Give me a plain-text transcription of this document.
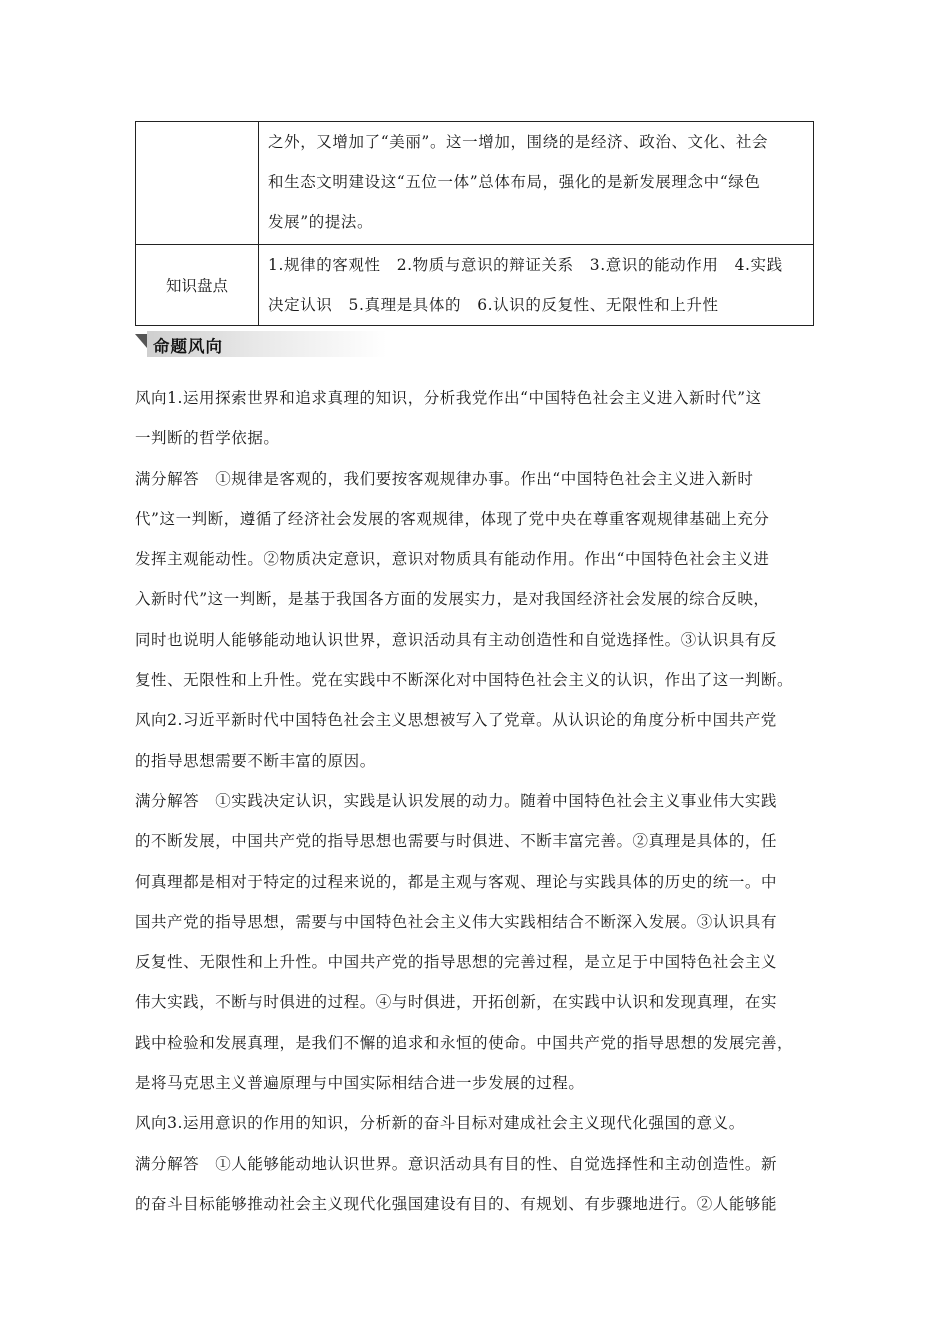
	之外，又增加了“美丽”。这一增加，围绕的是经济、政治、文化、社会
和生态文明建设这“五位一体”总体布局，强化的是新发展理念中“绿色
发展”的提法。

知识盘点	1.规律的客观性　2.物质与意识的辩证关系　3.意识的能动作用　4.实践
决定认识　5.真理是具体的　6.认识的反复性、无限性和上升性
命题风向
风向1.运用探索世界和追求真理的知识，分析我党作出“中国特色社会主义进入新时代”这
一判断的哲学依据。
满分解答　①规律是客观的，我们要按客观规律办事。作出“中国特色社会主义进入新时
代”这一判断，遵循了经济社会发展的客观规律，体现了党中央在尊重客观规律基础上充分
发挥主观能动性。②物质决定意识，意识对物质具有能动作用。作出“中国特色社会主义进
入新时代”这一判断，是基于我国各方面的发展实力，是对我国经济社会发展的综合反映，
同时也说明人能够能动地认识世界，意识活动具有主动创造性和自觉选择性。③认识具有反
复性、无限性和上升性。党在实践中不断深化对中国特色社会主义的认识，作出了这一判断。
风向2.习近平新时代中国特色社会主义思想被写入了党章。从认识论的角度分析中国共产党
的指导思想需要不断丰富的原因。
满分解答　①实践决定认识，实践是认识发展的动力。随着中国特色社会主义事业伟大实践
的不断发展，中国共产党的指导思想也需要与时俱进、不断丰富完善。②真理是具体的，任
何真理都是相对于特定的过程来说的，都是主观与客观、理论与实践具体的历史的统一。中
国共产党的指导思想，需要与中国特色社会主义伟大实践相结合不断深入发展。③认识具有
反复性、无限性和上升性。中国共产党的指导思想的完善过程，是立足于中国特色社会主义
伟大实践，不断与时俱进的过程。④与时俱进，开拓创新，在实践中认识和发现真理，在实
践中检验和发展真理，是我们不懈的追求和永恒的使命。中国共产党的指导思想的发展完善，
是将马克思主义普遍原理与中国实际相结合进一步发展的过程。
风向3.运用意识的作用的知识，分析新的奋斗目标对建成社会主义现代化强国的意义。
满分解答　①人能够能动地认识世界。意识活动具有目的性、自觉选择性和主动创造性。新
的奋斗目标能够推动社会主义现代化强国建设有目的、有规划、有步骤地进行。②人能够能
